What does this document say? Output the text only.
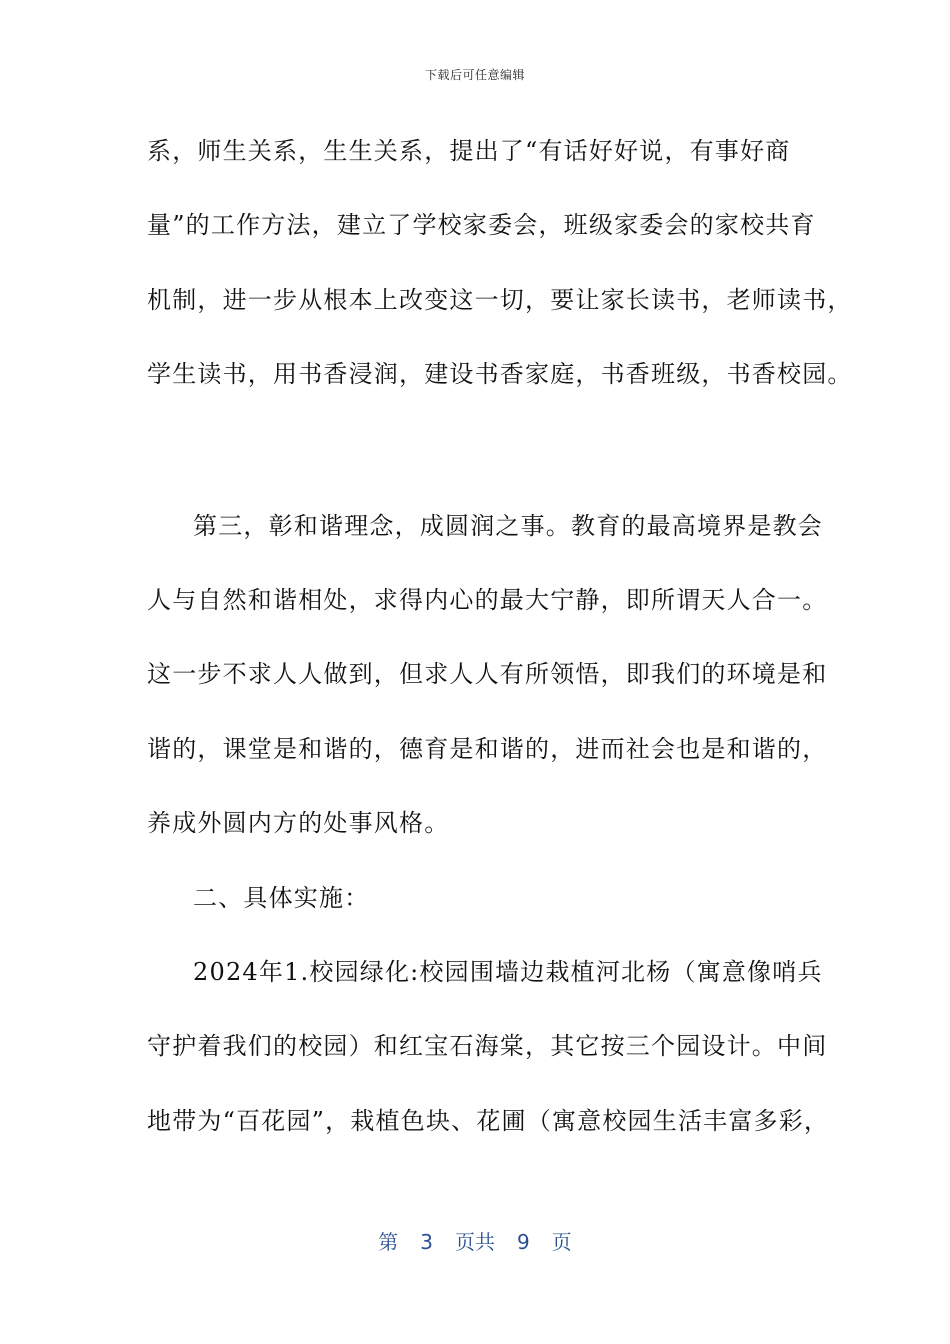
下载后可任意编辑
系，师生关系，生生关系，提出了“有话好好说，有事好商
量”的工作方法，建立了学校家委会，班级家委会的家校共育
机制，进一步从根本上改变这一切，要让家长读书，老师读书，
学生读书，用书香浸润，建设书香家庭，书香班级，书香校园。
第三，彰和谐理念，成圆润之事。教育的最高境界是教会
人与自然和谐相处，求得内心的最大宁静，即所谓天人合一。
这一步不求人人做到，但求人人有所领悟，即我们的环境是和
谐的，课堂是和谐的，德育是和谐的，进而社会也是和谐的，
养成外圆内方的处事风格。
二、具体实施：
2024年1.校园绿化:校园围墙边栽植河北杨（寓意像哨兵
守护着我们的校园）和红宝石海棠，其它按三个园设计。中间
地带为“百花园”，栽植色块、花圃（寓意校园生活丰富多彩，
第 3 页共 9 页
